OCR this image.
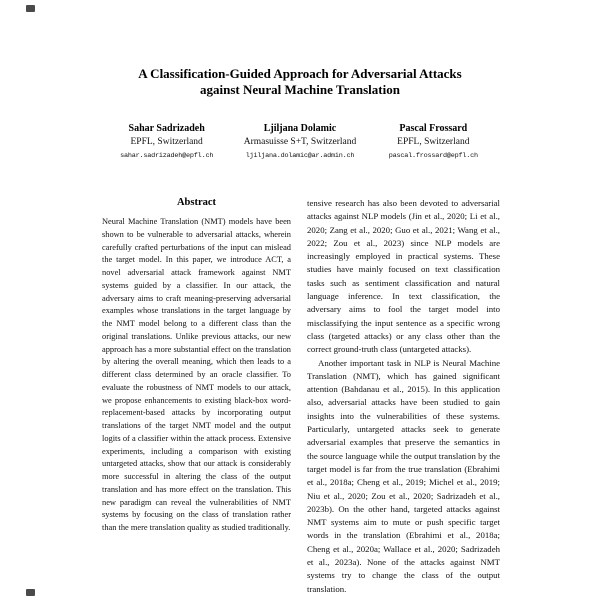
A Classification-Guided Approach for Adversarial Attacks
against Neural Machine Translation
Sahar Sadrizadeh
EPFL, Switzerland
sahar.sadrizadeh@epfl.ch
Ljiljana Dolamic
Armasuisse S+T, Switzerland
ljiljana.dolamic@ar.admin.ch
Pascal Frossard
EPFL, Switzerland
pascal.frossard@epfl.ch
Abstract

Neural Machine Translation (NMT) models have been shown to be vulnerable to adversarial attacks, wherein carefully crafted perturbations of the input can mislead the target model. In this paper, we introduce ACT, a novel adversarial attack framework against NMT systems guided by a classifier. In our attack, the adversary aims to craft meaning-preserving adversarial examples whose translations in the target language by the NMT model belong to a different class than the original translations. Unlike previous attacks, our new approach has a more substantial effect on the translation by altering the overall meaning, which then leads to a different class determined by an oracle classifier. To evaluate the robustness of NMT models to our attack, we propose enhancements to existing black-box word-replacement-based attacks by incorporating output translations of the target NMT model and the output logits of a classifier within the attack process. Extensive experiments, including a comparison with existing untargeted attacks, show that our attack is considerably more successful in altering the class of the output translation and has more effect on the translation. This new paradigm can reveal the vulnerabilities of NMT systems by focusing on the class of translation rather than the mere translation quality as studied traditionally.

tensive research has also been devoted to adversarial attacks against NLP models (Jin et al., 2020; Li et al., 2020; Zang et al., 2020; Guo et al., 2021; Wang et al., 2022; Zou et al., 2023) since NLP models are increasingly employed in practical systems. These studies have mainly focused on text classification tasks such as sentiment classification and natural language inference. In text classification, the adversary aims to fool the target model into misclassifying the input sentence as a specific wrong class (targeted attacks) or any class other than the correct ground-truth class (untargeted attacks).

Another important task in NLP is Neural Machine Translation (NMT), which has gained significant attention (Bahdanau et al., 2015). In this application also, adversarial attacks have been studied to gain insights into the vulnerabilities of these systems. Particularly, untargeted attacks seek to generate adversarial examples that preserve the semantics in the source language while the output translation by the target model is far from the true translation (Ebrahimi et al., 2018a; Cheng et al., 2019; Michel et al., 2019; Niu et al., 2020; Zou et al., 2020; Sadrizadeh et al., 2023b). On the other hand, targeted attacks against NMT systems aim to mute or push specific target words in the translation (Ebrahimi et al., 2018a; Cheng et al., 2020a; Wallace et al., 2020; Sadrizadeh et al., 2023a). None of the attacks against NMT systems try to change the class of the output translation.
